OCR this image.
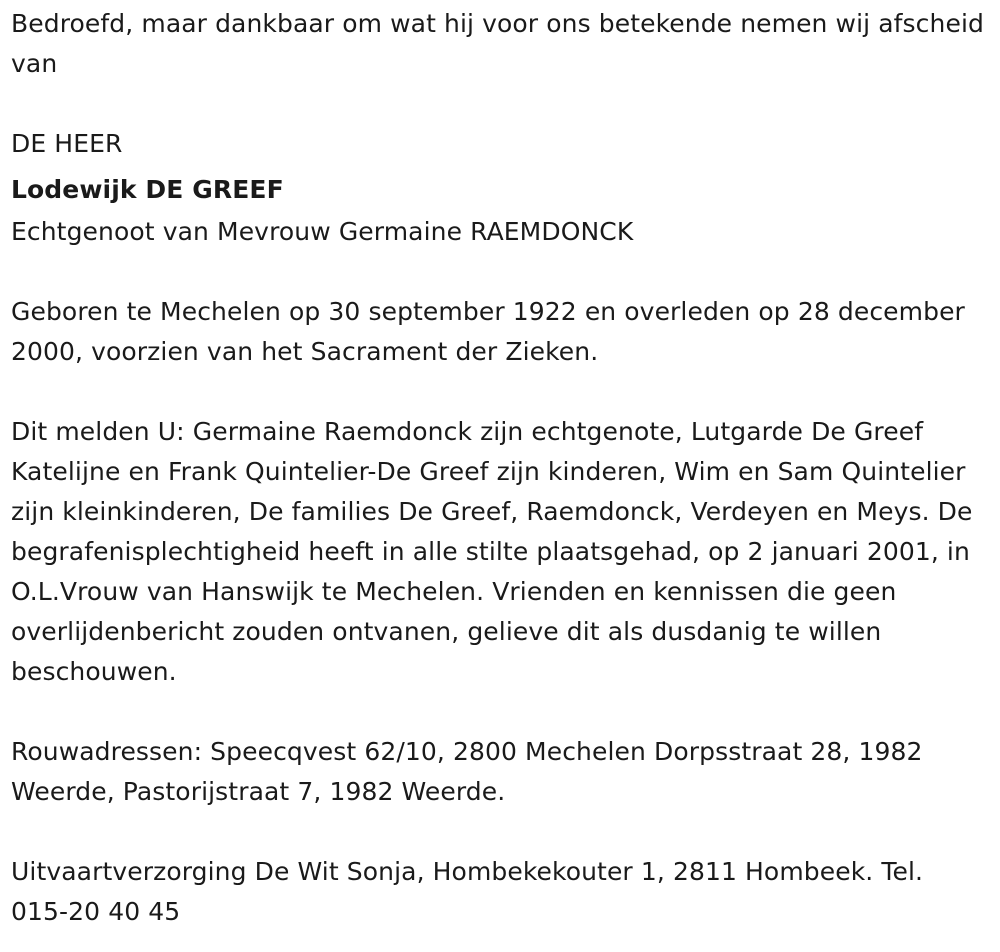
Bedroefd, maar dankbaar om wat hij voor ons betekende nemen wij afscheid van

DE HEER

Lodewijk DE GREEF

Echtgenoot van Mevrouw Germaine RAEMDONCK

Geboren te Mechelen op 30 september 1922 en overleden op 28 december 2000, voorzien van het Sacrament der Zieken.

Dit melden U: Germaine Raemdonck zijn echtgenote, Lutgarde De Greef Katelijne en Frank Quintelier-De Greef zijn kinderen, Wim en Sam Quintelier zijn kleinkinderen, De families De Greef, Raemdonck, Verdeyen en Meys. De begrafenisplechtigheid heeft in alle stilte plaatsgehad, op 2 januari 2001, in O.L.Vrouw van Hanswijk te Mechelen. Vrienden en kennissen die geen overlijdenbericht zouden ontvanen, gelieve dit als dusdanig te willen beschouwen.

Rouwadressen: Speecqvest 62/10, 2800 Mechelen Dorpsstraat 28, 1982 Weerde, Pastorijstraat 7, 1982 Weerde.

Uitvaartverzorging De Wit Sonja, Hombekekouter 1, 2811 Hombeek. Tel. 015-20 40 45
